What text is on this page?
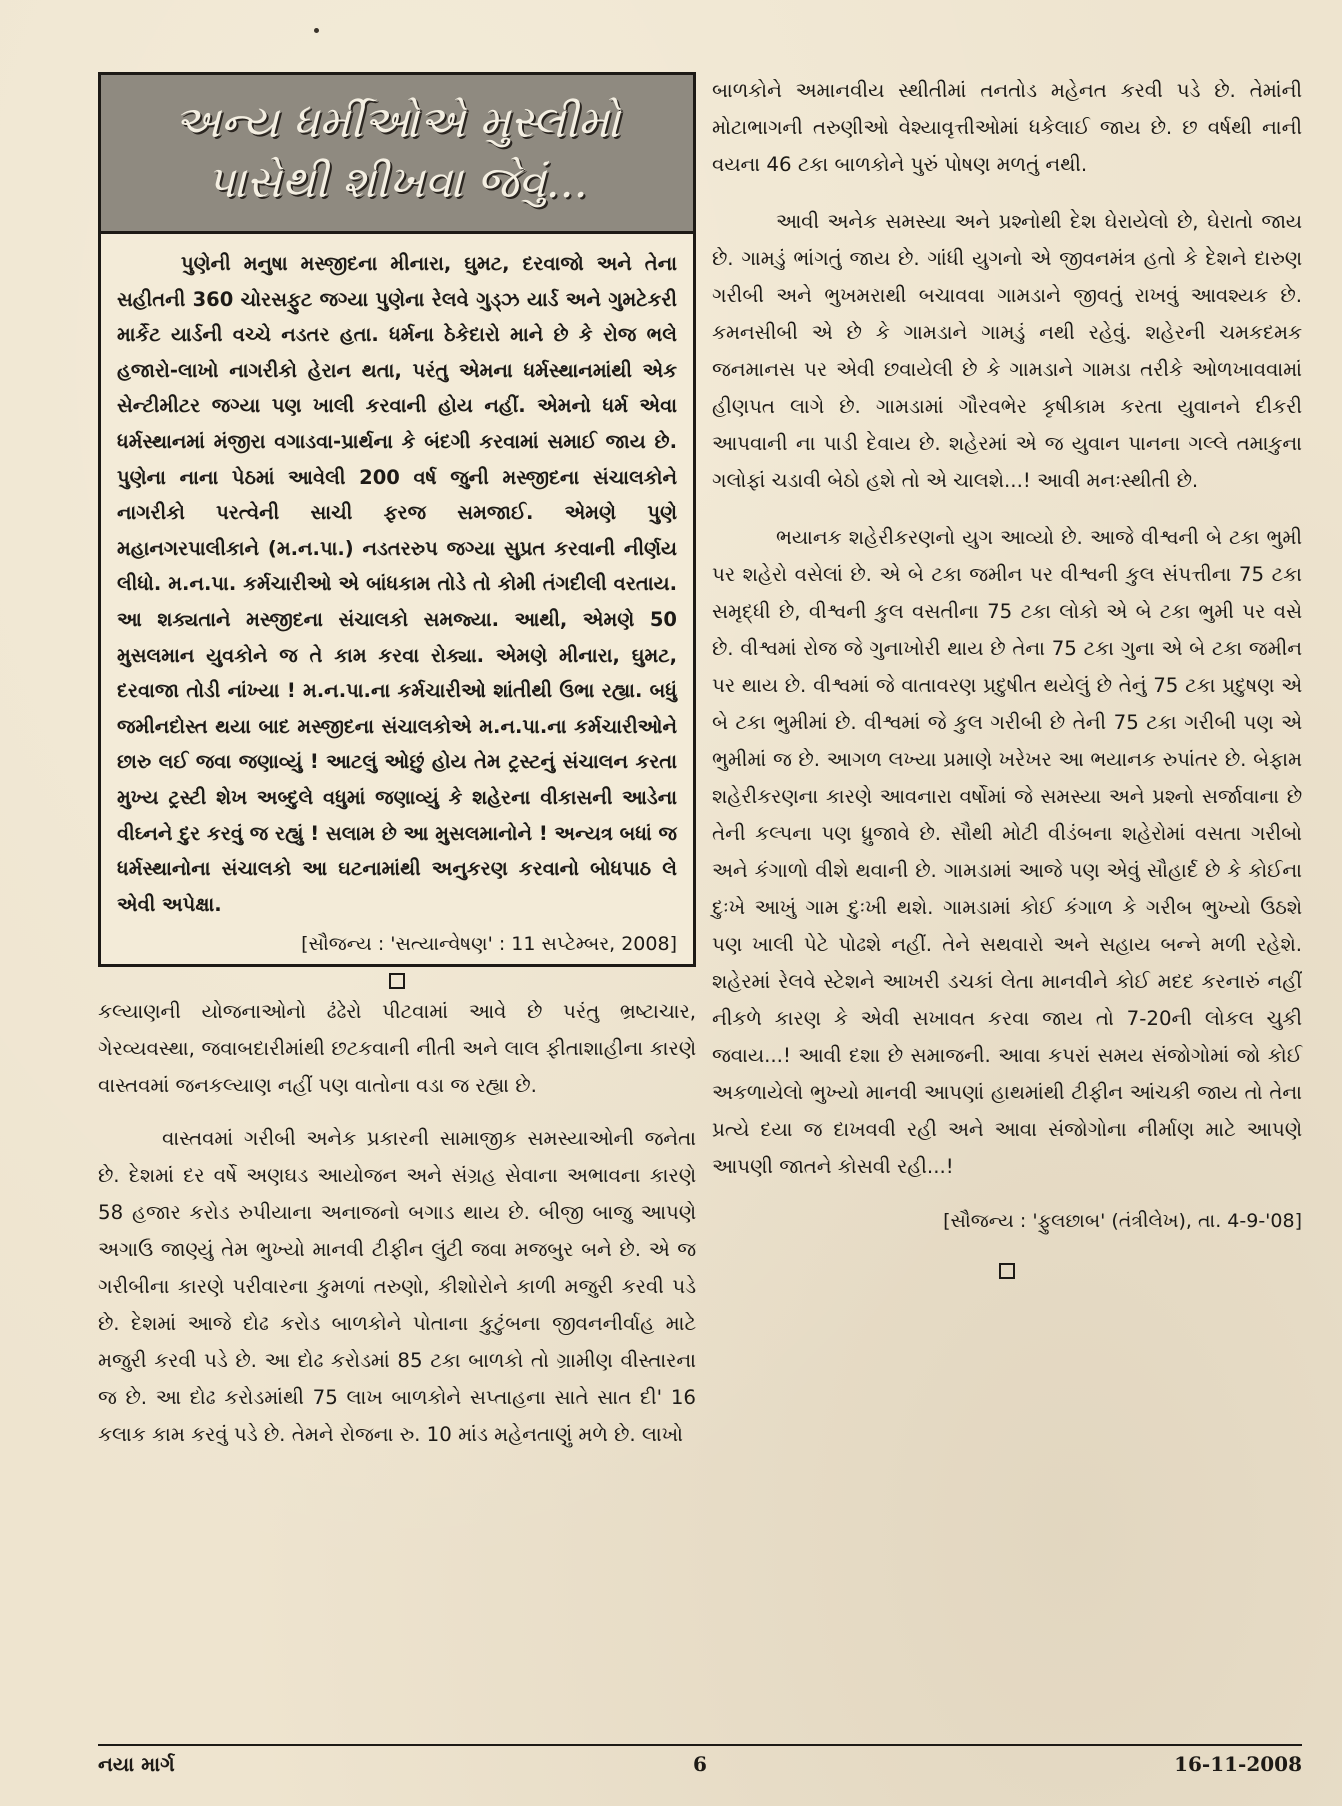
અન્ય ધર્મીઓએ મુસ્લીમો
પાસેથી શીખવા જેવું...

પુણેની મનુષા મસ્જીદના મીનારા, ઘુમટ, દરવાજો અને તેના સહીતની 360 ચોરસફુટ જગ્યા પુણેના રેલવે ગુડ્ઝ યાર્ડ અને ગુમટેકરી માર્કેટ યાર્ડની વચ્ચે નડતર હતા. ધર્મના ઠેકેદારો માને છે કે રોજ ભલે હજારો-લાખો નાગરીકો હેરાન થતા, પરંતુ એમના ધર્મસ્થાનમાંથી એક સેન્ટીમીટર જગ્યા પણ ખાલી કરવાની હોય નહીં. એમનો ધર્મ એવા ધર્મસ્થાનમાં મંજીરા વગાડવા-પ્રાર્થના કે બંદગી કરવામાં સમાઈ જાય છે. પુણેના નાના પેઠમાં આવેલી 200 વર્ષ જુની મસ્જીદના સંચાલકોને નાગરીકો પરત્વેની સાચી ફરજ સમજાઈ. એમણે પુણે મહાનગરપાલીકાને (મ.ન.પા.) નડતરરુપ જગ્યા સુપ્રત કરવાની નીર્ણય લીધો. મ.ન.પા. કર્મચારીઓ એ બાંધકામ તોડે તો કોમી તંગદીલી વરતાય. આ શક્યતાને મસ્જીદના સંચાલકો સમજ્યા. આથી, એમણે 50 મુસલમાન યુવકોને જ તે કામ કરવા રોક્યા. એમણે મીનારા, ઘુમટ, દરવાજા તોડી નાંખ્યા ! મ.ન.પા.ના કર્મચારીઓ શાંતીથી ઉભા રહ્યા. બધું જમીનદોસ્ત થયા બાદ મસ્જીદના સંચાલકોએ મ.ન.પા.ના કર્મચારીઓને છારુ લઈ જવા જણાવ્યું ! આટલું ઓછું હોય તેમ ટ્રસ્ટનું સંચાલન કરતા મુખ્ય ટ્રસ્ટી શેખ અબ્દુલે વધુમાં જણાવ્યું કે શહેરના વીકાસની આડેના વીઘ્નને દુર કરવું જ રહ્યું ! સલામ છે આ મુસલમાનોને ! અન્યત્ર બધાં જ ધર્મસ્થાનોના સંચાલકો આ ઘટનામાંથી અનુકરણ કરવાનો બોધપાઠ લે એવી અપેક્ષા.

[સૌજન્ય : 'સત્યાન્વેષણ' : 11 સપ્ટેમ્બર, 2008]

કલ્યાણની યોજનાઓનો ઢંઢેરો પીટવામાં આવે છે પરંતુ ભ્રષ્ટાચાર, ગેરવ્યવસ્થા, જવાબદારીમાંથી છટકવાની નીતી અને લાલ ફીતાશાહીના કારણે વાસ્તવમાં જનકલ્યાણ નહીં પણ વાતોના વડા જ રહ્યા છે.

વાસ્તવમાં ગરીબી અનેક પ્રકારની સામાજીક સમસ્યાઓની જનેતા છે. દેશમાં દર વર્ષે અણઘડ આયોજન અને સંગ્રહ સેવાના અભાવના કારણે 58 હજાર કરોડ રુપીયાના અનાજનો બગાડ થાય છે. બીજી બાજુ આપણે અગાઉ જાણ્યું તેમ ભુખ્યો માનવી ટીફીન લુંટી જવા મજબુર બને છે. એ જ ગરીબીના કારણે પરીવારના કુમળાં તરુણો, કીશોરોને કાળી મજુરી કરવી પડે છે. દેશમાં આજે દોઢ કરોડ બાળકોને પોતાના કુટુંબના જીવનનીર્વાહ માટે મજુરી કરવી પડે છે. આ દોઢ કરોડમાં 85 ટકા બાળકો તો ગ્રામીણ વીસ્તારના જ છે. આ દોઢ કરોડમાંથી 75 લાખ બાળકોને સપ્તાહના સાતે સાત દી' 16 કલાક કામ કરવું પડે છે. તેમને રોજના રુ. 10 માંડ મહેનતાણું મળે છે. લાખો

બાળકોને અમાનવીય સ્થીતીમાં તનતોડ મહેનત કરવી પડે છે. તેમાંની મોટાભાગની તરુણીઓ વેશ્યાવૃત્તીઓમાં ધકેલાઈ જાય છે. છ વર્ષથી નાની વયના 46 ટકા બાળકોને પુરું પોષણ મળતું નથી.

આવી અનેક સમસ્યા અને પ્રશ્નોથી દેશ ઘેરાયેલો છે, ઘેરાતો જાય છે. ગામડું ભાંગતું જાય છે. ગાંધી યુગનો એ જીવનમંત્ર હતો કે દેશને દારુણ ગરીબી અને ભુખમરાથી બચાવવા ગામડાને જીવતું રાખવું આવશ્યક છે. કમનસીબી એ છે કે ગામડાને ગામડું નથી રહેવું. શહેરની ચમકદમક જનમાનસ પર એવી છવાયેલી છે કે ગામડાને ગામડા તરીકે ઓળખાવવામાં હીણપત લાગે છે. ગામડામાં ગૌરવભેર કૃષીકામ કરતા યુવાનને દીકરી આપવાની ના પાડી દેવાય છે. શહેરમાં એ જ યુવાન પાનના ગલ્લે તમાકુના ગલોફાં ચડાવી બેઠો હશે તો એ ચાલશે...! આવી મનઃસ્થીતી છે.

ભયાનક શહેરીકરણનો યુગ આવ્યો છે. આજે વીશ્વની બે ટકા ભુમી પર શહેરો વસેલાં છે. એ બે ટકા જમીન પર વીશ્વની કુલ સંપત્તીના 75 ટકા સમૃદ્ધી છે, વીશ્વની કુલ વસતીના 75 ટકા લોકો એ બે ટકા ભુમી પર વસે છે. વીશ્વમાં રોજ જે ગુનાખોરી થાય છે તેના 75 ટકા ગુના એ બે ટકા જમીન પર થાય છે. વીશ્વમાં જે વાતાવરણ પ્રદુષીત થયેલું છે તેનું 75 ટકા પ્રદુષણ એ બે ટકા ભુમીમાં છે. વીશ્વમાં જે કુલ ગરીબી છે તેની 75 ટકા ગરીબી પણ એ ભુમીમાં જ છે. આગળ લખ્યા પ્રમાણે ખરેખર આ ભયાનક રુપાંતર છે. બેફામ શહેરીકરણના કારણે આવનારા વર્ષોમાં જે સમસ્યા અને પ્રશ્નો સર્જાવાના છે તેની કલ્પના પણ ધ્રુજાવે છે. સૌથી મોટી વીડંબના શહેરોમાં વસતા ગરીબો અને કંગાળો વીશે થવાની છે. ગામડામાં આજે પણ એવું સૌહાર્દ છે કે કોઈના દુઃખે આખું ગામ દુઃખી થશે. ગામડામાં કોઈ કંગાળ કે ગરીબ ભુખ્યો ઉઠશે પણ ખાલી પેટે પોઢશે નહીં. તેને સથવારો અને સહાય બન્ને મળી રહેશે. શહેરમાં રેલવે સ્ટેશને આખરી ડચકાં લેતા માનવીને કોઈ મદદ કરનારું નહીં નીકળે કારણ કે એવી સખાવત કરવા જાય તો 7-20ની લોકલ ચુકી જવાય...! આવી દશા છે સમાજની. આવા કપરાં સમય સંજોગોમાં જો કોઈ અકળાયેલો ભુખ્યો માનવી આપણાં હાથમાંથી ટીફીન આંચકી જાય તો તેના પ્રત્યે દયા જ દાખવવી રહી અને આવા સંજોગોના નીર્માણ માટે આપણે આપણી જાતને કોસવી રહી...!

[સૌજન્ય : 'ફુલછાબ' (તંત્રીલેખ), તા. 4-9-'08]
નયા માર્ગ	6	16-11-2008
